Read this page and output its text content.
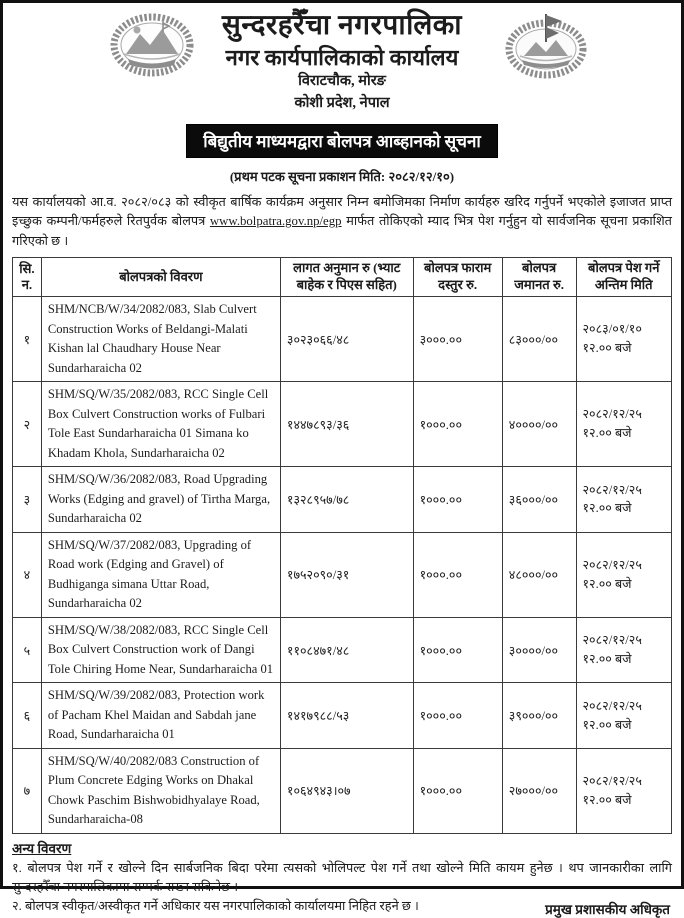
सुन्दरहरैँचा नगरपालिका
नगर कार्यपालिकाको कार्यालय
विराटचौक, मोरङ
कोशी प्रदेश, नेपाल
बिद्युतीय माध्यमद्वारा बोलपत्र आब्हानको सूचना
(प्रथम पटक सूचना प्रकाशन मिति: २०८२/१२/१०)
यस कार्यालयको आ.व. २०८२/०८३ को स्वीकृत बार्षिक कार्यक्रम अनुसार निम्न बमोजिमका निर्माण कार्यहरु खरिद गर्नुपर्ने भएकोले इजाजत प्राप्त इच्छुक कम्पनी/फर्महरुले रितपुर्वक बोलपत्र www.bolpatra.gov.np/egp मार्फत तोकिएको म्याद भित्र पेश गर्नुहुन यो सार्वजनिक सूचना प्रकाशित गरिएको छ ।
सि. न.	बोलपत्रको विवरण	लागत अनुमान रु (भ्याट बाहेक र पिएस सहित)	बोलपत्र फाराम दस्तुर रु.	बोलपत्र जमानत रु.	बोलपत्र पेश गर्ने अन्तिम मिति
१	SHM/NCB/W/34/2082/083, Slab Culvert Construction Works of Beldangi-Malati Kishan lal Chaudhary House Near Sundarharaicha 02	३०२३०६६/४८	३०००.००	८३०००/००	२०८३/०१/१०
१२.०० बजे

२	SHM/SQ/W/35/2082/083, RCC Single Cell Box Culvert Construction works of Fulbari Tole East Sundarharaicha 01 Simana ko Khadam Khola, Sundarharaicha 02	१४४७८९३/३६	१०००.००	४००००/००	२०८२/१२/२५
१२.०० बजे

३	SHM/SQ/W/36/2082/083, Road Upgrading Works (Edging and gravel) of Tirtha Marga, Sundarharaicha 02	१३२८९५७/७८	१०००.००	३६०००/००	२०८२/१२/२५
१२.०० बजे

४	SHM/SQ/W/37/2082/083, Upgrading of Road work (Edging and Gravel) of Budhiganga simana Uttar Road, Sundarharaicha 02	१७५२०९०/३१	१०००.००	४८०००/००	२०८२/१२/२५
१२.०० बजे

५	SHM/SQ/W/38/2082/083, RCC Single Cell Box Culvert Construction work of Dangi Tole Chiring Home Near, Sundarharaicha 01	११०८४७१/४८	१०००.००	३००००/००	२०८२/१२/२५
१२.०० बजे

६	SHM/SQ/W/39/2082/083, Protection work of Pacham Khel Maidan and Sabdah jane Road, Sundarharaicha 01	१४१७९८८/५३	१०००.००	३९०००/००	२०८२/१२/२५
१२.०० बजे

७	SHM/SQ/W/40/2082/083 Construction of Plum Concrete Edging Works on Dhakal Chowk Paschim Bishwobidhyalaye Road, Sundarharaicha-08	१०६४९४३।०७	१०००.००	२७०००/००	२०८२/१२/२५
१२.०० बजे
अन्य विवरण
१. बोलपत्र पेश गर्ने र खोल्ने दिन सार्बजनिक बिदा परेमा त्यसको भोलिपल्ट पेश गर्ने तथा खोल्ने मिति कायम हुनेछ । थप जानकारीका लागि सुन्दरहरैँचा नगरपालिकामा सम्पर्क राख्न सकिनेछ ।
२. बोलपत्र स्वीकृत/अस्वीकृत गर्ने अधिकार यस नगरपालिकाको कार्यालयमा निहित रहने छ ।	प्रमुख प्रशासकीय अधिकृत
